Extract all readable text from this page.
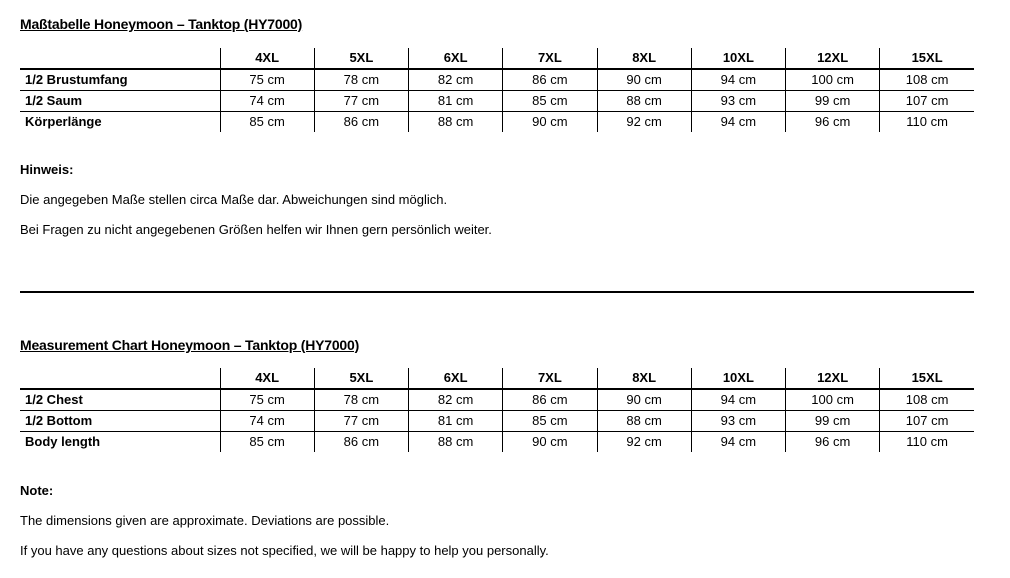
Maßtabelle Honeymoon – Tanktop (HY7000)
	4XL	5XL	6XL	7XL	8XL	10XL	12XL	15XL
1/2 Brustumfang	75 cm	78 cm	82 cm	86 cm	90 cm	94 cm	100 cm	108 cm
1/2 Saum	74 cm	77 cm	81 cm	85 cm	88 cm	93 cm	99 cm	107 cm
Körperlänge	85 cm	86 cm	88 cm	90 cm	92 cm	94 cm	96 cm	110 cm
Hinweis:
Die angegeben Maße stellen circa Maße dar. Abweichungen sind möglich.
Bei Fragen zu nicht angegebenen Größen helfen wir Ihnen gern persönlich weiter.
Measurement Chart Honeymoon – Tanktop (HY7000)
	4XL	5XL	6XL	7XL	8XL	10XL	12XL	15XL
1/2 Chest	75 cm	78 cm	82 cm	86 cm	90 cm	94 cm	100 cm	108 cm
1/2 Bottom	74 cm	77 cm	81 cm	85 cm	88 cm	93 cm	99 cm	107 cm
Body length	85 cm	86 cm	88 cm	90 cm	92 cm	94 cm	96 cm	110 cm
Note:
The dimensions given are approximate. Deviations are possible.
If you have any questions about sizes not specified, we will be happy to help you personally.
